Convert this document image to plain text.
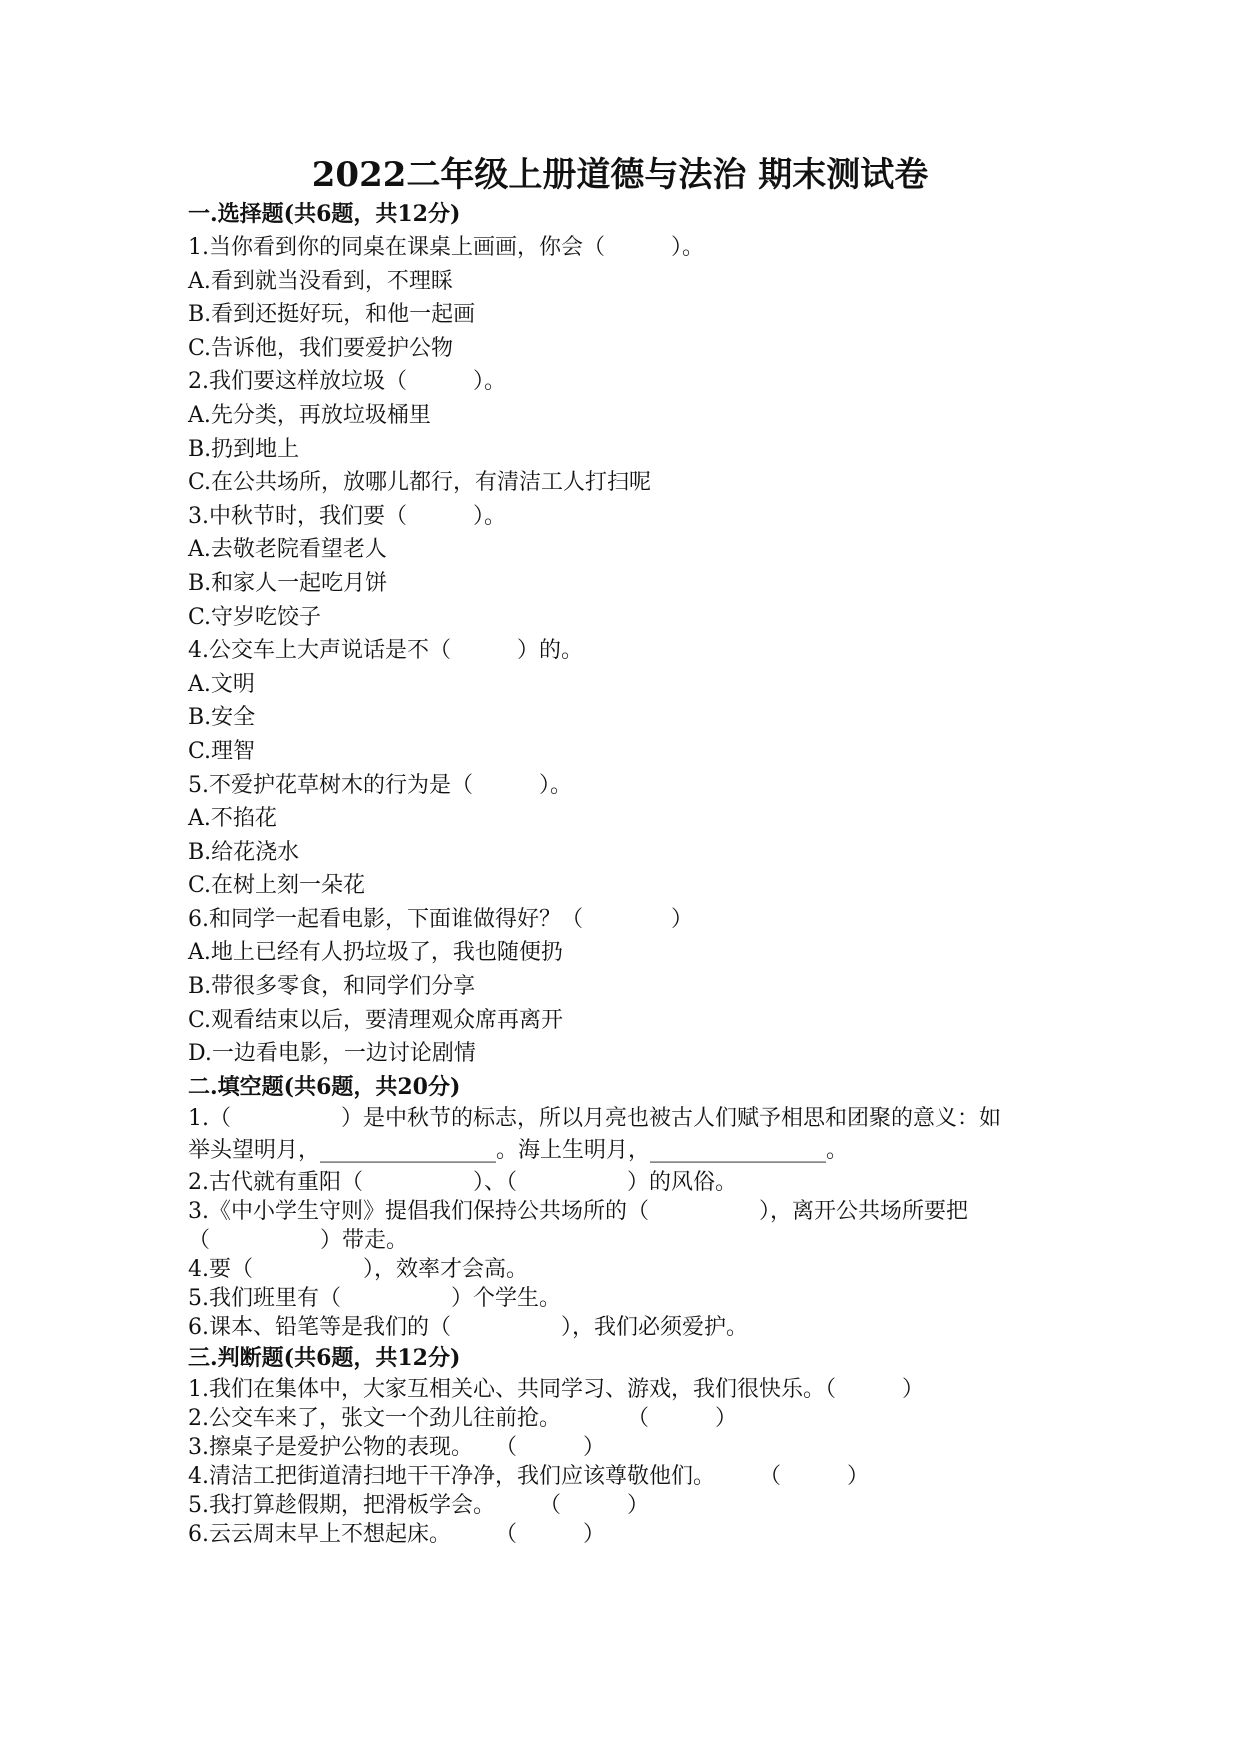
2022二年级上册道德与法治 期末测试卷
一.选择题(共6题，共12分)
1.当你看到你的同桌在课桌上画画，你会（　　　）。
A.看到就当没看到，不理睬
B.看到还挺好玩，和他一起画
C.告诉他，我们要爱护公物
2.我们要这样放垃圾（　　　）。
A.先分类，再放垃圾桶里
B.扔到地上
C.在公共场所，放哪儿都行，有清洁工人打扫呢
3.中秋节时，我们要（　　　）。
A.去敬老院看望老人
B.和家人一起吃月饼
C.守岁吃饺子
4.公交车上大声说话是不（　　　）的。
A.文明
B.安全
C.理智
5.不爱护花草树木的行为是（　　　）。
A.不掐花
B.给花浇水
C.在树上刻一朵花
6.和同学一起看电影，下面谁做得好？（　　　　）
A.地上已经有人扔垃圾了，我也随便扔
B.带很多零食，和同学们分享
C.观看结束以后，要清理观众席再离开
D.一边看电影，一边讨论剧情
二.填空题(共6题，共20分)
1.（　　　　　）是中秋节的标志，所以月亮也被古人们赋予相思和团聚的意义：如
举头望明月，________________。海上生明月，________________。
2.古代就有重阳（　　　　　）、（　　　　　）的风俗。
3.《中小学生守则》提倡我们保持公共场所的（　　　　　），离开公共场所要把（　　　　　）带走。
4.要（　　　　　），效率才会高。
5.我们班里有（　　　　　）个学生。
6.课本、铅笔等是我们的（　　　　　），我们必须爱护。
三.判断题(共6题，共12分)
1.我们在集体中，大家互相关心、共同学习、游戏，我们很快乐。（　　　）
2.公交车来了，张文一个劲儿往前抢。　　　　（　　　）
3.擦桌子是爱护公物的表现。　　（　　　）
4.清洁工把街道清扫地干干净净，我们应该尊敬他们。　　　（　　　）
5.我打算趁假期，把滑板学会。　　　（　　　）
6.云云周末早上不想起床。　　　（　　　）
